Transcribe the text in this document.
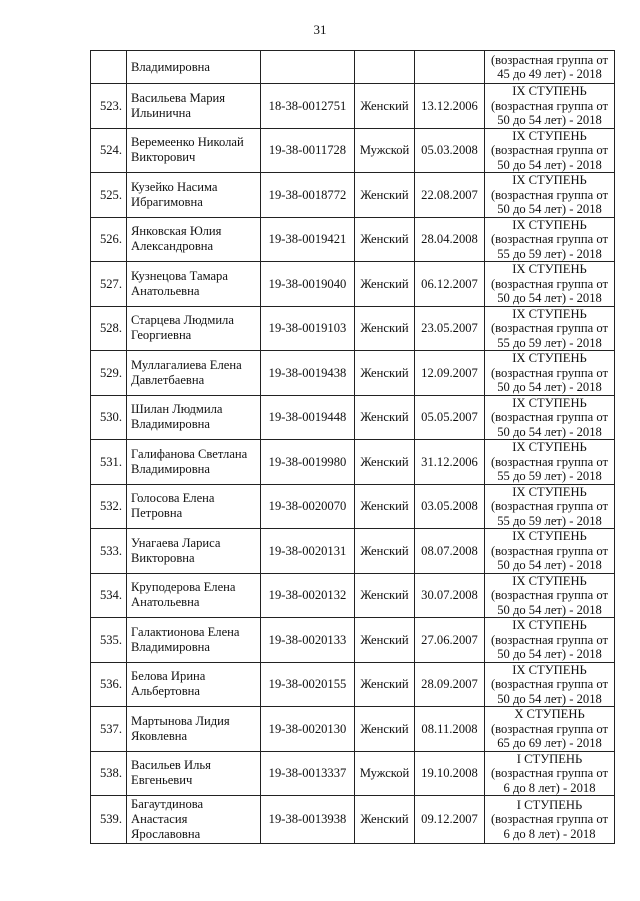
31

	Владимировна				(возрастная группа от
45 до 49 лет) - 2018

523.	Васильева Мария
Ильинична	18-38-0012751	Женский	13.12.2006	IX СТУПЕНЬ
(возрастная группа от
50 до 54 лет) - 2018

524.	Веремеенко Николай
Викторович	19-38-0011728	Мужской	05.03.2008	IX СТУПЕНЬ
(возрастная группа от
50 до 54 лет) - 2018

525.	Кузейко Насима
Ибрагимовна	19-38-0018772	Женский	22.08.2007	IX СТУПЕНЬ
(возрастная группа от
50 до 54 лет) - 2018

526.	Янковская Юлия
Александровна	19-38-0019421	Женский	28.04.2008	IX СТУПЕНЬ
(возрастная группа от
55 до 59 лет) - 2018

527.	Кузнецова Тамара
Анатольевна	19-38-0019040	Женский	06.12.2007	IX СТУПЕНЬ
(возрастная группа от
50 до 54 лет) - 2018

528.	Старцева Людмила
Георгиевна	19-38-0019103	Женский	23.05.2007	IX СТУПЕНЬ
(возрастная группа от
55 до 59 лет) - 2018

529.	Муллагалиева Елена
Давлетбаевна	19-38-0019438	Женский	12.09.2007	IX СТУПЕНЬ
(возрастная группа от
50 до 54 лет) - 2018

530.	Шилан Людмила
Владимировна	19-38-0019448	Женский	05.05.2007	IX СТУПЕНЬ
(возрастная группа от
50 до 54 лет) - 2018

531.	Галифанова Светлана
Владимировна	19-38-0019980	Женский	31.12.2006	IX СТУПЕНЬ
(возрастная группа от
55 до 59 лет) - 2018

532.	Голосова Елена
Петровна	19-38-0020070	Женский	03.05.2008	IX СТУПЕНЬ
(возрастная группа от
55 до 59 лет) - 2018

533.	Унагаева Лариса
Викторовна	19-38-0020131	Женский	08.07.2008	IX СТУПЕНЬ
(возрастная группа от
50 до 54 лет) - 2018

534.	Круподерова Елена
Анатольевна	19-38-0020132	Женский	30.07.2008	IX СТУПЕНЬ
(возрастная группа от
50 до 54 лет) - 2018

535.	Галактионова Елена
Владимировна	19-38-0020133	Женский	27.06.2007	IX СТУПЕНЬ
(возрастная группа от
50 до 54 лет) - 2018

536.	Белова Ирина
Альбертовна	19-38-0020155	Женский	28.09.2007	IX СТУПЕНЬ
(возрастная группа от
50 до 54 лет) - 2018

537.	Мартынова Лидия
Яковлевна	19-38-0020130	Женский	08.11.2008	X СТУПЕНЬ
(возрастная группа от
65 до 69 лет) - 2018

538.	Васильев Илья
Евгеньевич	19-38-0013337	Мужской	19.10.2008	I СТУПЕНЬ
(возрастная группа от
6 до 8 лет) - 2018

539.	Багаутдинова
Анастасия
Ярославовна	19-38-0013938	Женский	09.12.2007	I СТУПЕНЬ
(возрастная группа от
6 до 8 лет) - 2018
